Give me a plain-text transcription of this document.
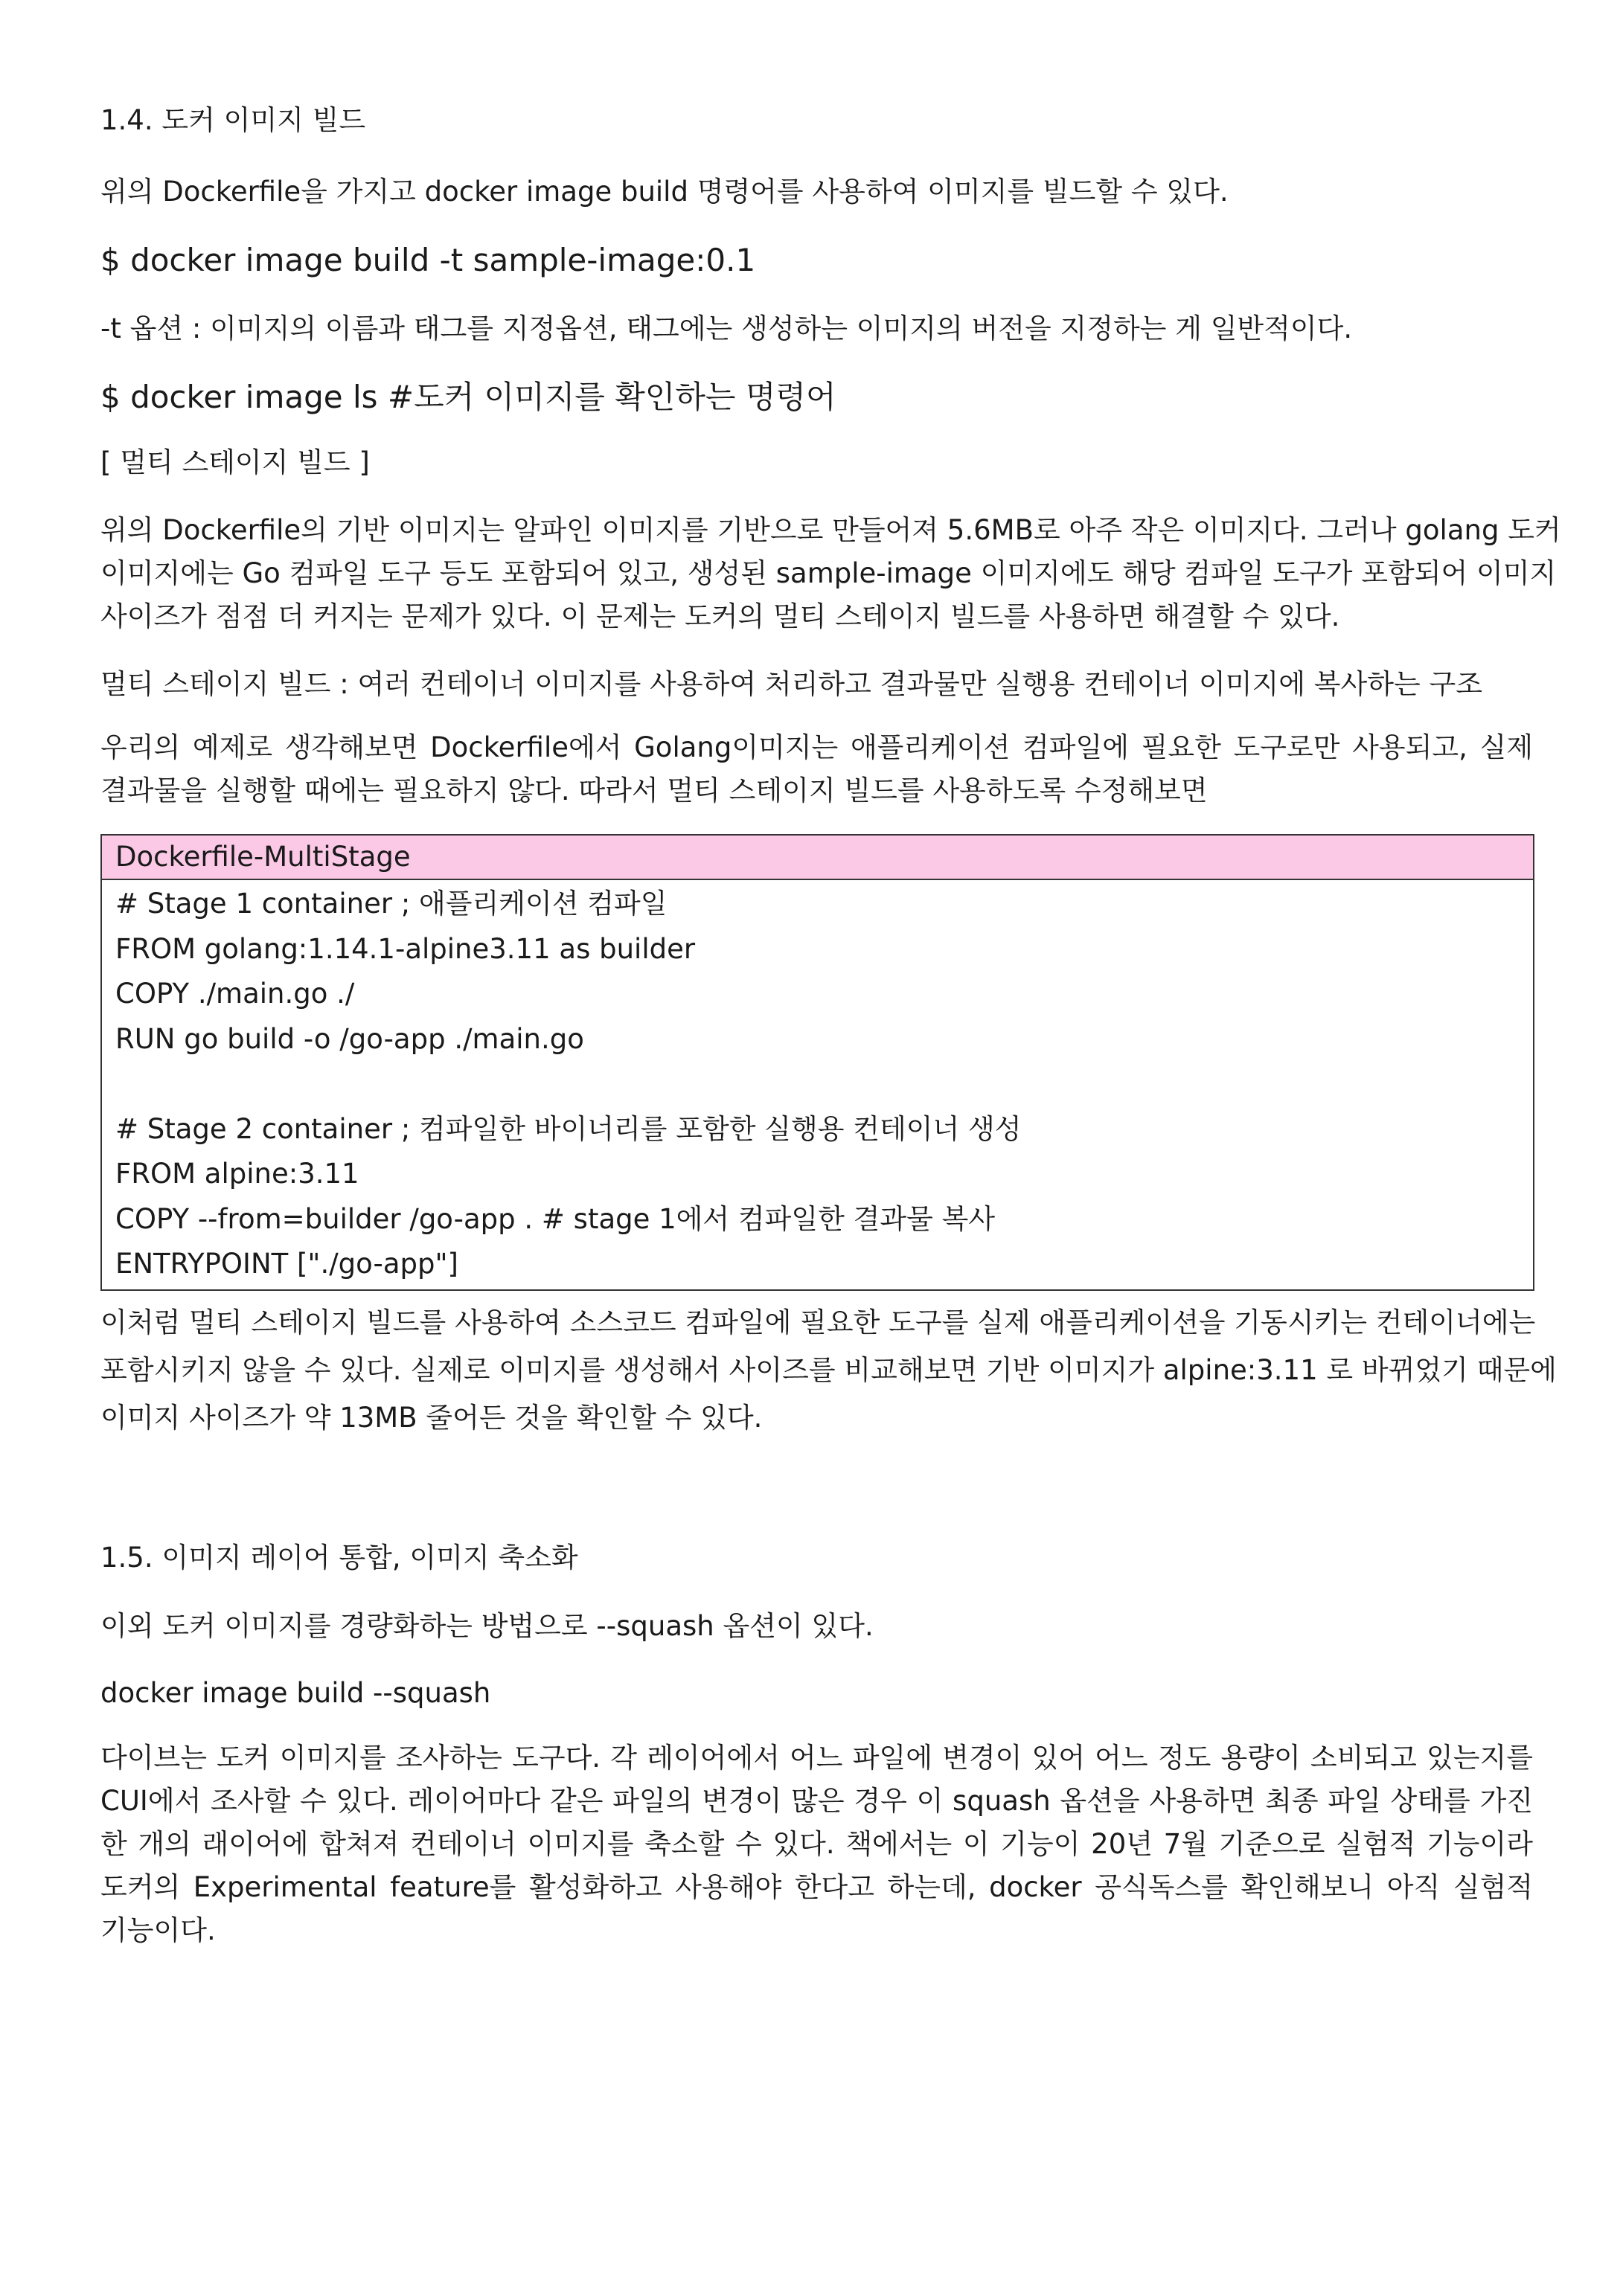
1.4. 도커 이미지 빌드
위의 Dockerfile을 가지고 docker image build 명령어를 사용하여 이미지를 빌드할 수 있다.
$ docker image build -t sample-image:0.1
-t 옵션 : 이미지의 이름과 태그를 지정옵션, 태그에는 생성하는 이미지의 버전을 지정하는 게 일반적이다.
$ docker image ls #도커 이미지를 확인하는 명령어
[ 멀티 스테이지 빌드 ]
위의 Dockerfile의 기반 이미지는 알파인 이미지를 기반으로 만들어져 5.6MB로 아주 작은 이미지다. 그러나 golang 도커
이미지에는 Go 컴파일 도구 등도 포함되어 있고, 생성된 sample-image 이미지에도 해당 컴파일 도구가 포함되어 이미지
사이즈가 점점 더 커지는 문제가 있다. 이 문제는 도커의 멀티 스테이지 빌드를 사용하면 해결할 수 있다.
멀티 스테이지 빌드 : 여러 컨테이너 이미지를 사용하여 처리하고 결과물만 실행용 컨테이너 이미지에 복사하는 구조
우리의 예제로 생각해보면 Dockerfile에서 Golang이미지는 애플리케이션 컴파일에 필요한 도구로만 사용되고, 실제
결과물을 실행할 때에는 필요하지 않다. 따라서 멀티 스테이지 빌드를 사용하도록 수정해보면
Dockerfile-MultiStage
# Stage 1 container ; 애플리케이션 컴파일
FROM golang:1.14.1-alpine3.11 as builder
COPY ./main.go ./
RUN go build -o /go-app ./main.go
# Stage 2 container ; 컴파일한 바이너리를 포함한 실행용 컨테이너 생성
FROM alpine:3.11
COPY --from=builder /go-app . # stage 1에서 컴파일한 결과물 복사
ENTRYPOINT ["./go-app"]
이처럼 멀티 스테이지 빌드를 사용하여 소스코드 컴파일에 필요한 도구를 실제 애플리케이션을 기동시키는 컨테이너에는
포함시키지 않을 수 있다. 실제로 이미지를 생성해서 사이즈를 비교해보면 기반 이미지가 alpine:3.11 로 바뀌었기 때문에
이미지 사이즈가 약 13MB 줄어든 것을 확인할 수 있다.
1.5. 이미지 레이어 통합, 이미지 축소화
이외 도커 이미지를 경량화하는 방법으로 --squash 옵션이 있다.
docker image build --squash
다이브는 도커 이미지를 조사하는 도구다. 각 레이어에서 어느 파일에 변경이 있어 어느 정도 용량이 소비되고 있는지를
CUI에서 조사할 수 있다. 레이어마다 같은 파일의 변경이 많은 경우 이 squash 옵션을 사용하면 최종 파일 상태를 가진
한 개의 래이어에 합쳐져 컨테이너 이미지를 축소할 수 있다. 책에서는 이 기능이 20년 7월 기준으로 실험적 기능이라
도커의 Experimental feature를 활성화하고 사용해야 한다고 하는데, docker 공식독스를 확인해보니 아직 실험적
기능이다.
